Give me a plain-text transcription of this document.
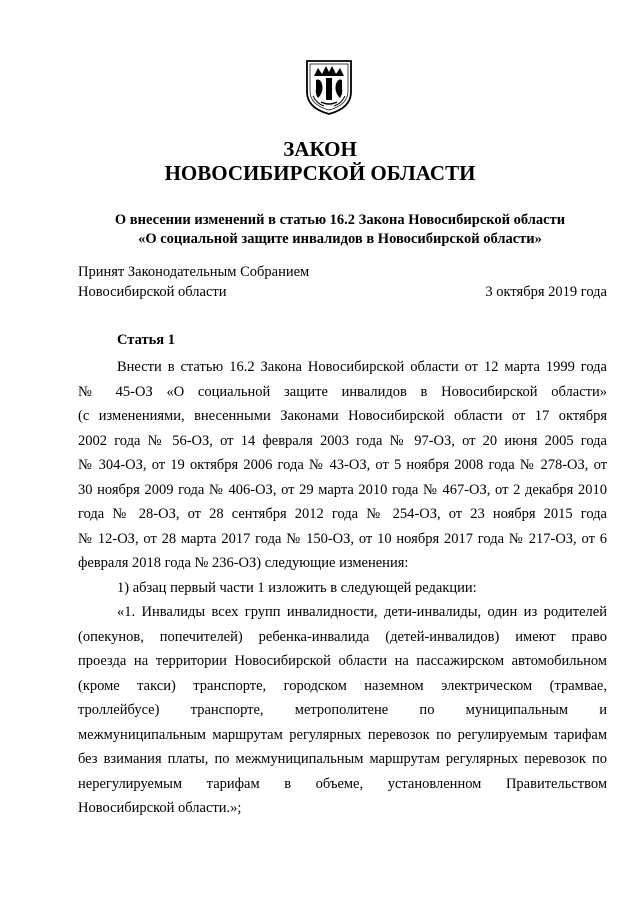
ЗАКОН
НОВОСИБИРСКОЙ ОБЛАСТИ
О внесении изменений в статью 16.2 Закона Новосибирской области
«О социальной защите инвалидов в Новосибирской области»
Принят Законодательным Собранием
Новосибирской области	3 октября 2019 года
Статья 1
Внести в статью 16.2 Закона Новосибирской области от 12 марта 1999 года
№ 45-ОЗ «О социальной защите инвалидов в Новосибирской области»
(с изменениями, внесенными Законами Новосибирской области от 17 октября
2002 года № 56-ОЗ, от 14 февраля 2003 года № 97-ОЗ, от 20 июня 2005 года
№ 304-ОЗ, от 19 октября 2006 года № 43-ОЗ, от 5 ноября 2008 года № 278-ОЗ, от
30 ноября 2009 года № 406-ОЗ, от 29 марта 2010 года № 467-ОЗ, от 2 декабря 2010
года № 28-ОЗ, от 28 сентября 2012 года № 254-ОЗ, от 23 ноября 2015 года
№ 12-ОЗ, от 28 марта 2017 года № 150-ОЗ, от 10 ноября 2017 года № 217-ОЗ, от 6
февраля 2018 года № 236-ОЗ) следующие изменения:
1) абзац первый части 1 изложить в следующей редакции:
«1. Инвалиды всех групп инвалидности, дети-инвалиды, один из родителей
(опекунов, попечителей) ребенка-инвалида (детей-инвалидов) имеют право
проезда на территории Новосибирской области на пассажирском автомобильном
(кроме такси) транспорте, городском наземном электрическом (трамвае,
троллейбусе) транспорте, метрополитене по муниципальным и
межмуниципальным маршрутам регулярных перевозок по регулируемым тарифам
без взимания платы, по межмуниципальным маршрутам регулярных перевозок по
нерегулируемым тарифам в объеме, установленном Правительством
Новосибирской области.»;
